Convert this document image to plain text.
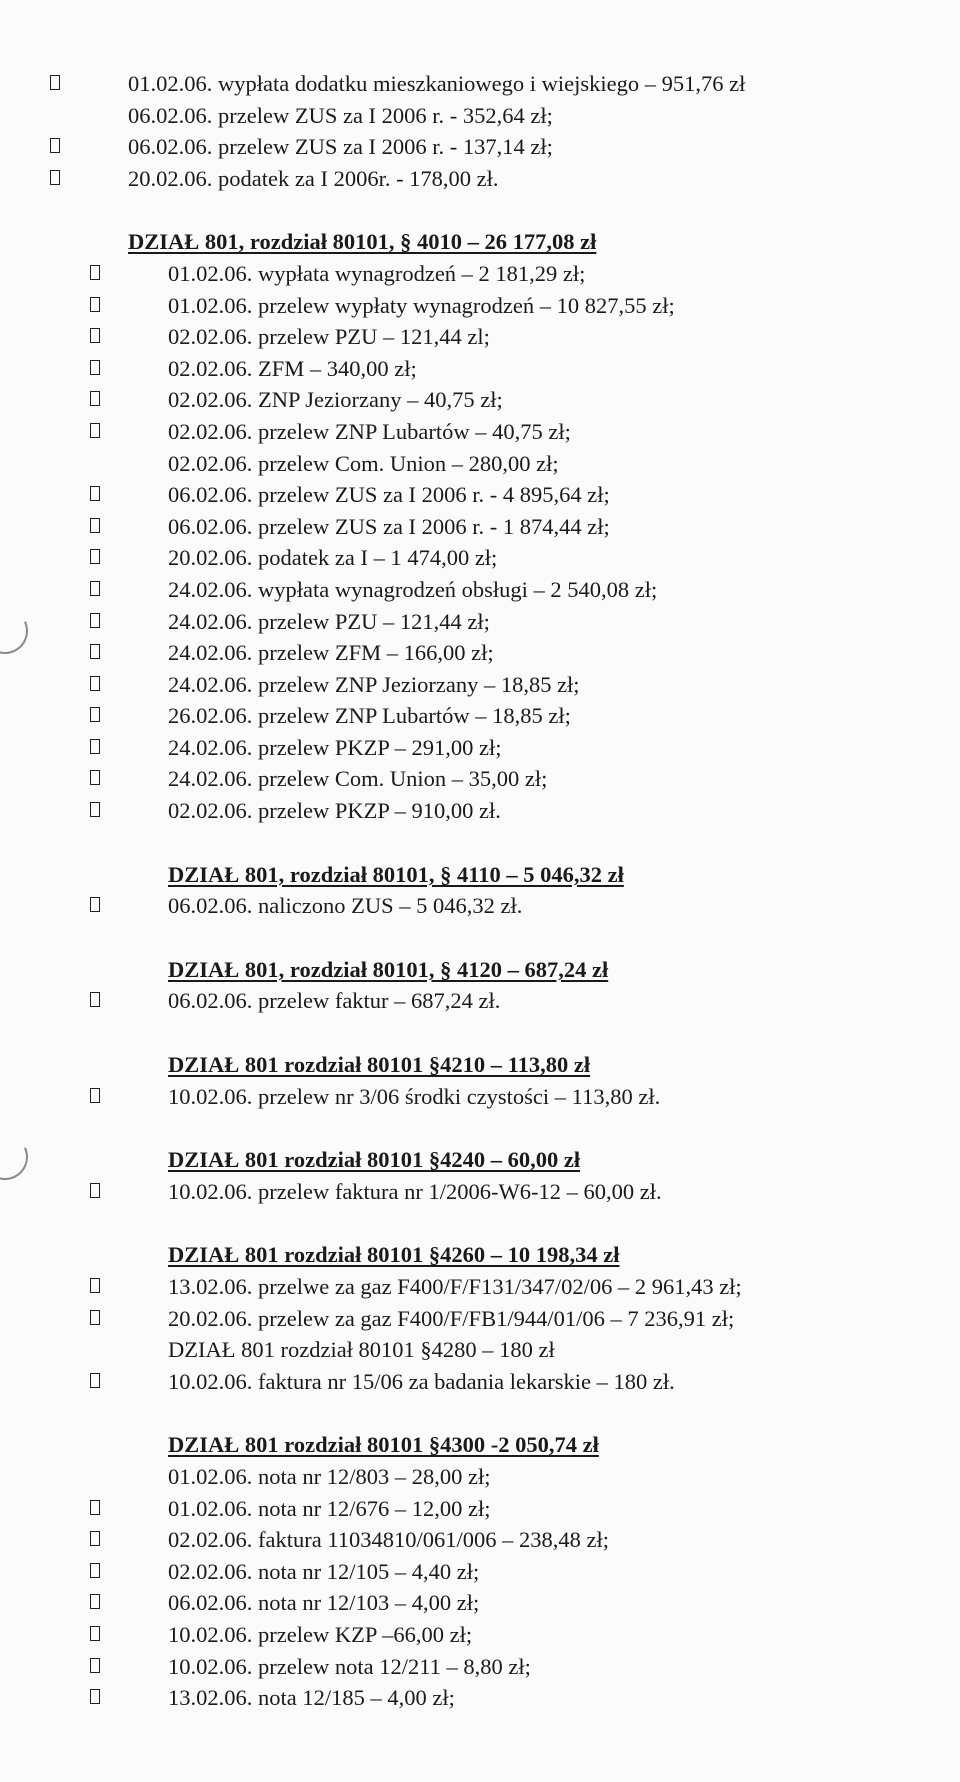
01.02.06. wypłata dodatku mieszkaniowego i wiejskiego – 951,76 zł
06.02.06. przelew ZUS za I 2006 r. - 352,64 zł;
06.02.06. przelew ZUS za I 2006 r. - 137,14 zł;
20.02.06. podatek za I 2006r. - 178,00 zł.
DZIAŁ 801, rozdział 80101, § 4010 – 26 177,08 zł
01.02.06. wypłata wynagrodzeń – 2 181,29 zł;
01.02.06. przelew wypłaty wynagrodzeń – 10 827,55 zł;
02.02.06. przelew PZU – 121,44 zl;
02.02.06. ZFM – 340,00 zł;
02.02.06. ZNP Jeziorzany – 40,75 zł;
02.02.06. przelew ZNP Lubartów – 40,75 zł;
02.02.06. przelew Com. Union – 280,00 zł;
06.02.06. przelew ZUS za I 2006 r. - 4 895,64 zł;
06.02.06. przelew ZUS za I 2006 r. - 1 874,44 zł;
20.02.06. podatek za I – 1 474,00 zł;
24.02.06. wypłata wynagrodzeń obsługi – 2 540,08 zł;
24.02.06. przelew PZU – 121,44 zł;
24.02.06. przelew ZFM – 166,00 zł;
24.02.06. przelew ZNP Jeziorzany – 18,85 zł;
26.02.06. przelew ZNP Lubartów – 18,85 zł;
24.02.06. przelew PKZP – 291,00 zł;
24.02.06. przelew Com. Union – 35,00 zł;
02.02.06. przelew PKZP – 910,00 zł.
DZIAŁ 801, rozdział 80101, § 4110 – 5 046,32 zł
06.02.06. naliczono ZUS – 5 046,32 zł.
DZIAŁ 801, rozdział 80101, § 4120 – 687,24 zł
06.02.06. przelew faktur – 687,24 zł.
DZIAŁ 801 rozdział 80101 §4210 – 113,80 zł
10.02.06. przelew nr 3/06 środki czystości – 113,80 zł.
DZIAŁ 801 rozdział 80101 §4240 – 60,00 zł
10.02.06. przelew faktura nr 1/2006-W6-12 – 60,00 zł.
DZIAŁ 801 rozdział 80101 §4260 – 10 198,34 zł
13.02.06. przelwe za gaz F400/F/F131/347/02/06 – 2 961,43 zł;
20.02.06. przelew za gaz F400/F/FB1/944/01/06 – 7 236,91 zł;
DZIAŁ 801 rozdział 80101 §4280 – 180 zł
10.02.06. faktura nr 15/06 za badania lekarskie – 180 zł.
DZIAŁ 801 rozdział 80101 §4300 -2 050,74 zł
01.02.06. nota nr 12/803 – 28,00 zł;
01.02.06. nota nr 12/676 – 12,00 zł;
02.02.06. faktura 11034810/061/006 – 238,48 zł;
02.02.06. nota nr 12/105 – 4,40 zł;
06.02.06. nota nr 12/103 – 4,00 zł;
10.02.06. przelew KZP –66,00 zł;
10.02.06. przelew nota 12/211 – 8,80 zł;
13.02.06. nota 12/185 – 4,00 zł;
